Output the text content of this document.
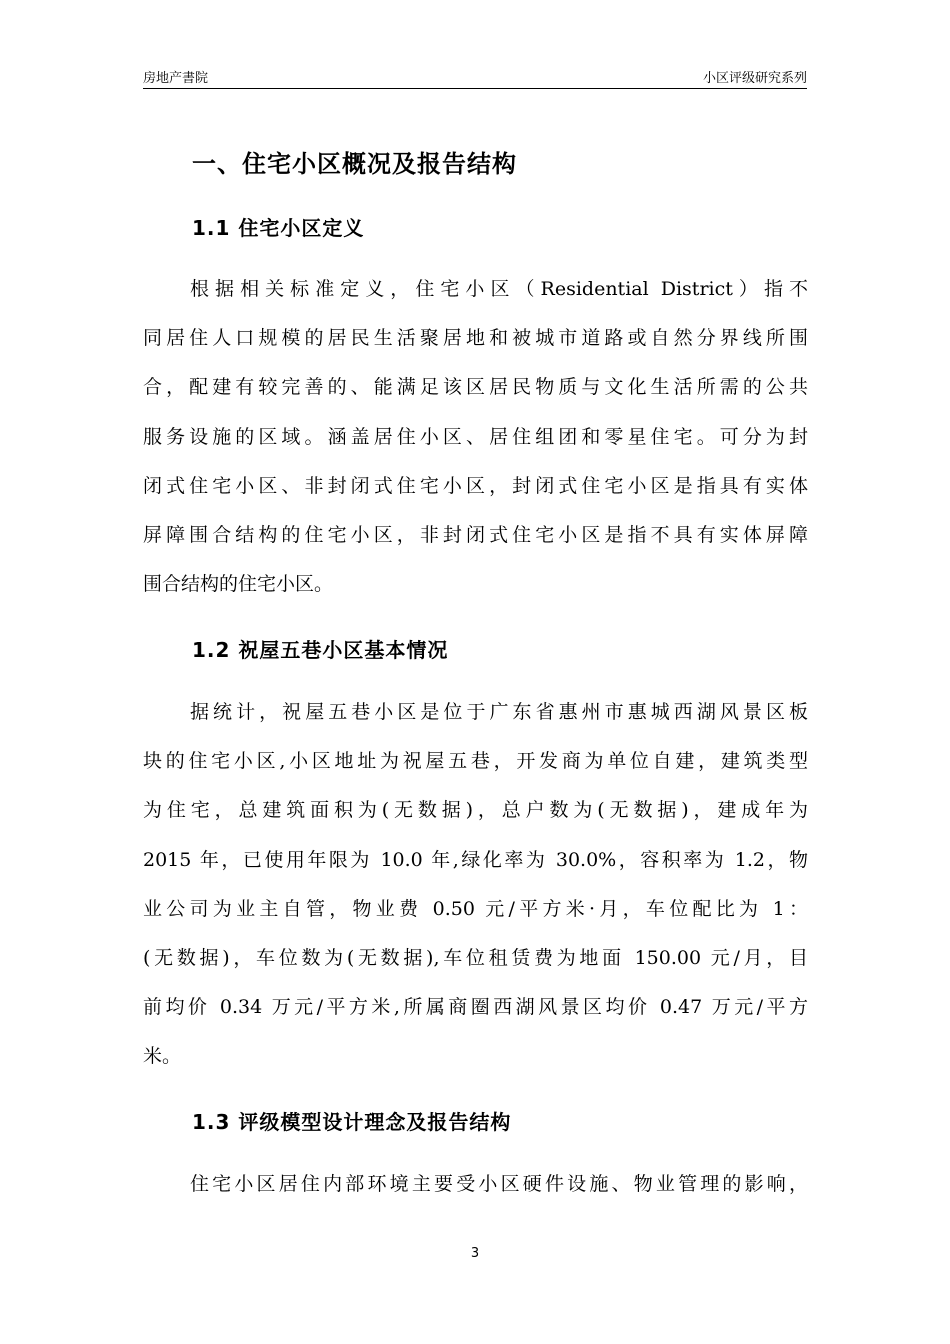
房地产書院	小区评级研究系列
一、住宅小区概况及报告结构
1.1 住宅小区定义
根据相关标准定义，住宅小区（Residential District）指不
同居住人口规模的居民生活聚居地和被城市道路或自然分界线所围
合，配建有较完善的、能满足该区居民物质与文化生活所需的公共
服务设施的区域。涵盖居住小区、居住组团和零星住宅。可分为封
闭式住宅小区、非封闭式住宅小区，封闭式住宅小区是指具有实体
屏障围合结构的住宅小区，非封闭式住宅小区是指不具有实体屏障
围合结构的住宅小区。
1.2 祝屋五巷小区基本情况
据统计，祝屋五巷小区是位于广东省惠州市惠城西湖风景区板
块的住宅小区,小区地址为祝屋五巷，开发商为单位自建，建筑类型
为住宅，总建筑面积为(无数据)，总户数为(无数据)，建成年为
2015 年，已使用年限为 10.0 年,绿化率为 30.0%，容积率为 1.2，物
业公司为业主自管，物业费 0.50 元/平方米·月，车位配比为 1：
(无数据)，车位数为(无数据),车位租赁费为地面 150.00 元/月，目
前均价 0.34 万元/平方米,所属商圈西湖风景区均价 0.47 万元/平方
米。
1.3 评级模型设计理念及报告结构
住宅小区居住内部环境主要受小区硬件设施、物业管理的影响，
3
